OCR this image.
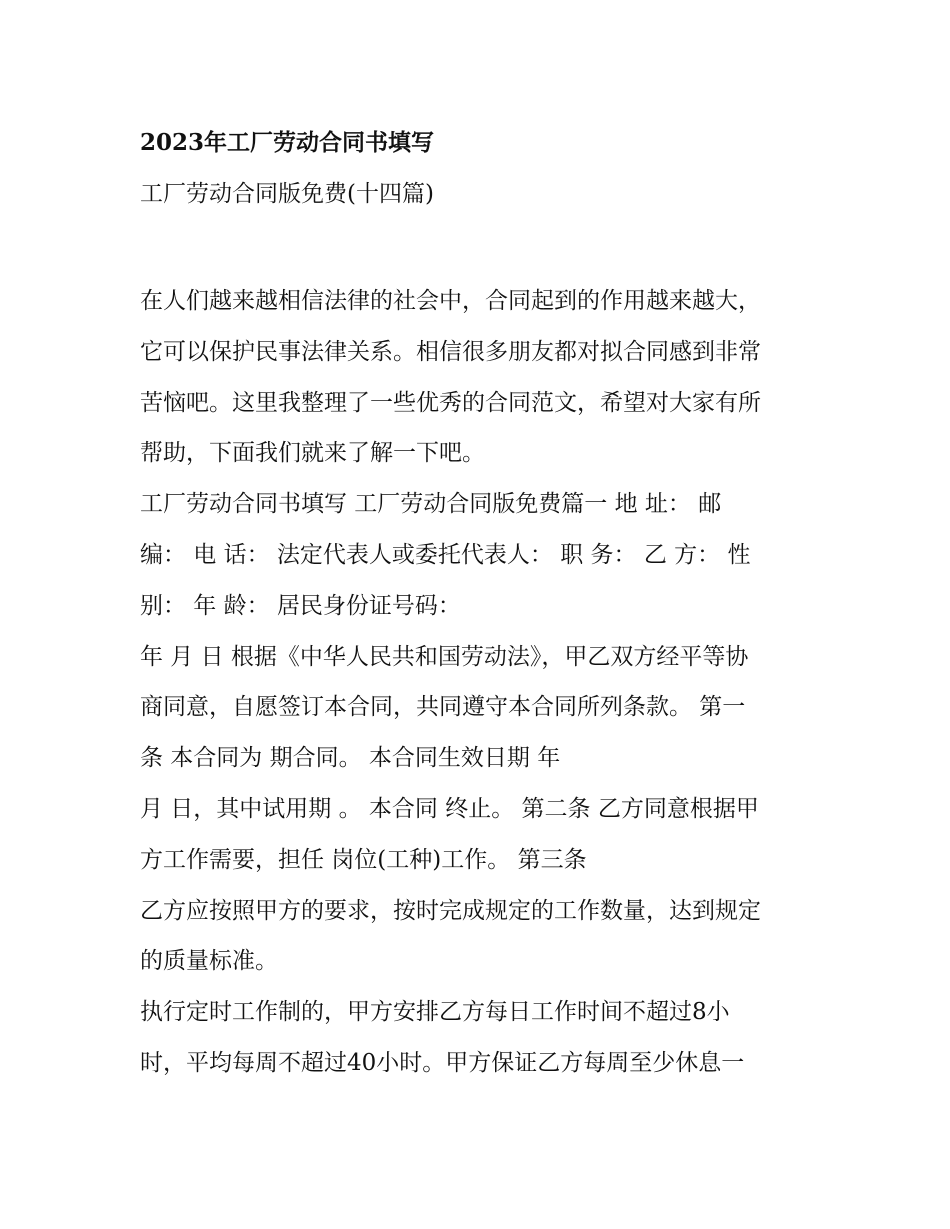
2023年工厂劳动合同书填写
工厂劳动合同版免费(十四篇)
在人们越来越相信法律的社会中，合同起到的作用越来越大，
它可以保护民事法律关系。相信很多朋友都对拟合同感到非常
苦恼吧。这里我整理了一些优秀的合同范文，希望对大家有所
帮助，下面我们就来了解一下吧。
工厂劳动合同书填写 工厂劳动合同版免费篇一 地 址： 邮
编： 电 话： 法定代表人或委托代表人： 职 务： 乙 方： 性
别： 年 龄： 居民身份证号码：
年 月 日 根据《中华人民共和国劳动法》，甲乙双方经平等协
商同意，自愿签订本合同，共同遵守本合同所列条款。 第一
条 本合同为 期合同。 本合同生效日期 年
月 日，其中试用期 。 本合同 终止。 第二条 乙方同意根据甲
方工作需要，担任 岗位(工种)工作。 第三条
乙方应按照甲方的要求，按时完成规定的工作数量，达到规定
的质量标准。
执行定时工作制的，甲方安排乙方每日工作时间不超过8小
时，平均每周不超过40小时。甲方保证乙方每周至少休息一
